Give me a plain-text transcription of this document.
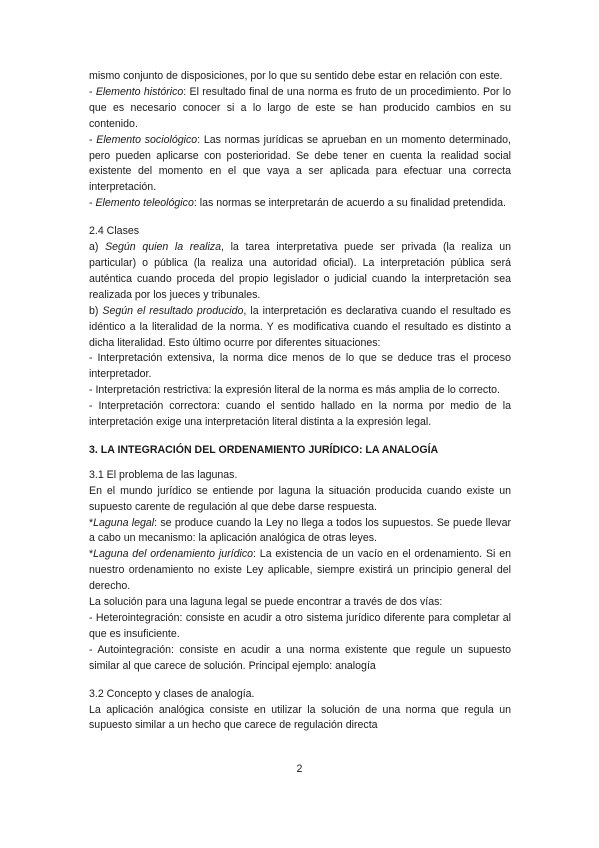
mismo conjunto de disposiciones, por lo que su sentido debe estar en relación con este.

- Elemento histórico: El resultado final de una norma es fruto de un procedimiento. Por lo que es necesario conocer si a lo largo de este se han producido cambios en su contenido.

- Elemento sociológico: Las normas jurídicas se aprueban en un momento determinado, pero pueden aplicarse con posterioridad. Se debe tener en cuenta la realidad social existente del momento en el que vaya a ser aplicada para efectuar una correcta interpretación.

- Elemento teleológico: las normas se interpretarán de acuerdo a su finalidad pretendida.

2.4 Clases

a) Según quien la realiza, la tarea interpretativa puede ser privada (la realiza un particular) o pública (la realiza una autoridad oficial). La interpretación pública será auténtica cuando proceda del propio legislador o judicial cuando la interpretación sea realizada por los jueces y tribunales.

b) Según el resultado producido, la interpretación es declarativa cuando el resultado es idéntico a la literalidad de la norma. Y es modificativa cuando el resultado es distinto a dicha literalidad. Esto último ocurre por diferentes situaciones:

- Interpretación extensiva, la norma dice menos de lo que se deduce tras el proceso interpretador.

- Interpretación restrictiva: la expresión literal de la norma es más amplia de lo correcto.

- Interpretación correctora: cuando el sentido hallado en la norma por medio de la interpretación exige una interpretación literal distinta a la expresión legal.

3. LA INTEGRACIÓN DEL ORDENAMIENTO JURÍDICO: LA ANALOGÍA

3.1 El problema de las lagunas.

En el mundo jurídico se entiende por laguna la situación producida cuando existe un supuesto carente de regulación al que debe darse respuesta.

*Laguna legal: se produce cuando la Ley no llega a todos los supuestos. Se puede llevar a cabo un mecanismo: la aplicación analógica de otras leyes.

*Laguna del ordenamiento jurídico: La existencia de un vacío en el ordenamiento. Si en nuestro ordenamiento no existe Ley aplicable, siempre existirá un principio general del derecho.

La solución para una laguna legal se puede encontrar a través de dos vías:

- Heterointegración: consiste en acudir a otro sistema jurídico diferente para completar al que es insuficiente.

- Autointegración: consiste en acudir a una norma existente que regule un supuesto similar al que carece de solución. Principal ejemplo: analogía

3.2 Concepto y clases de analogía.

La aplicación analógica consiste en utilizar la solución de una norma que regula un supuesto similar a un hecho que carece de regulación directa

2
